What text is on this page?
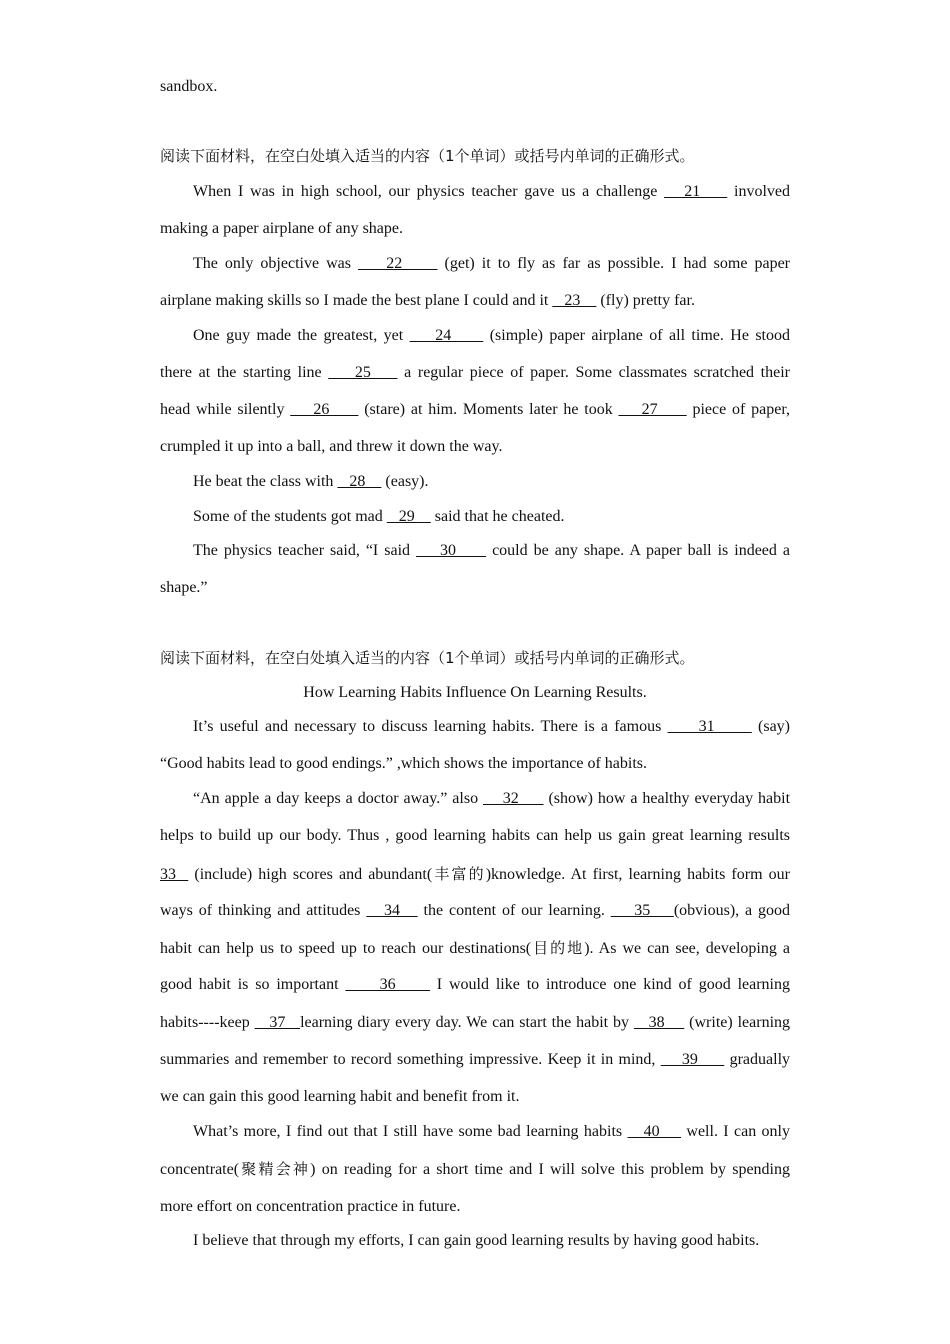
sandbox.
阅读下面材料，在空白处填入适当的内容（1个单词）或括号内单词的正确形式。
When I was in high school, our physics teacher gave us a challenge    21     involved
making a paper airplane of any shape.
The only objective was     22      (get) it to fly as far as possible. I had some paper
airplane making skills so I made the best plane I could and it    23     (fly) pretty far.
One guy made the greatest, yet     24      (simple) paper airplane of all time. He stood
there at the starting line     25     a regular piece of paper. Some classmates scratched their
head while silently     26      (stare) at him. Moments later he took     27      piece of paper,
crumpled it up into a ball, and threw it down the way.
He beat the class with    28     (easy).
Some of the students got mad    29     said that he cheated.
The physics teacher said, “I said     30      could be any shape. A paper ball is indeed a
shape.”
阅读下面材料，在空白处填入适当的内容（1个单词）或括号内单词的正确形式。
How Learning Habits Influence On Learning Results.
It’s useful and necessary to discuss learning habits. There is a famous      31       (say)
“Good habits lead to good endings.” ,which shows the importance of habits.
“An apple a day keeps a doctor away.” also     32      (show) how a healthy everyday habit
helps to build up our body. Thus , good learning habits can help us gain great learning results
33   (include) high scores and abundant(丰富的)knowledge. At first, learning habits form our
ways of thinking and attitudes    34    the content of our learning.     35    (obvious), a good
habit can help us to speed up to reach our destinations(目的地). As we can see, developing a
good habit is so important      36      I would like to introduce one kind of good learning
habits----keep    37   learning diary every day. We can start the habit by    38     (write) learning
summaries and remember to record something impressive. Keep it in mind,     39      gradually
we can gain this good learning habit and benefit from it.
What’s more, I find out that I still have some bad learning habits    40     well. I can only
concentrate(聚精会神) on reading for a short time and I will solve this problem by spending
more effort on concentration practice in future.
I believe that through my efforts, I can gain good learning results by having good habits.
